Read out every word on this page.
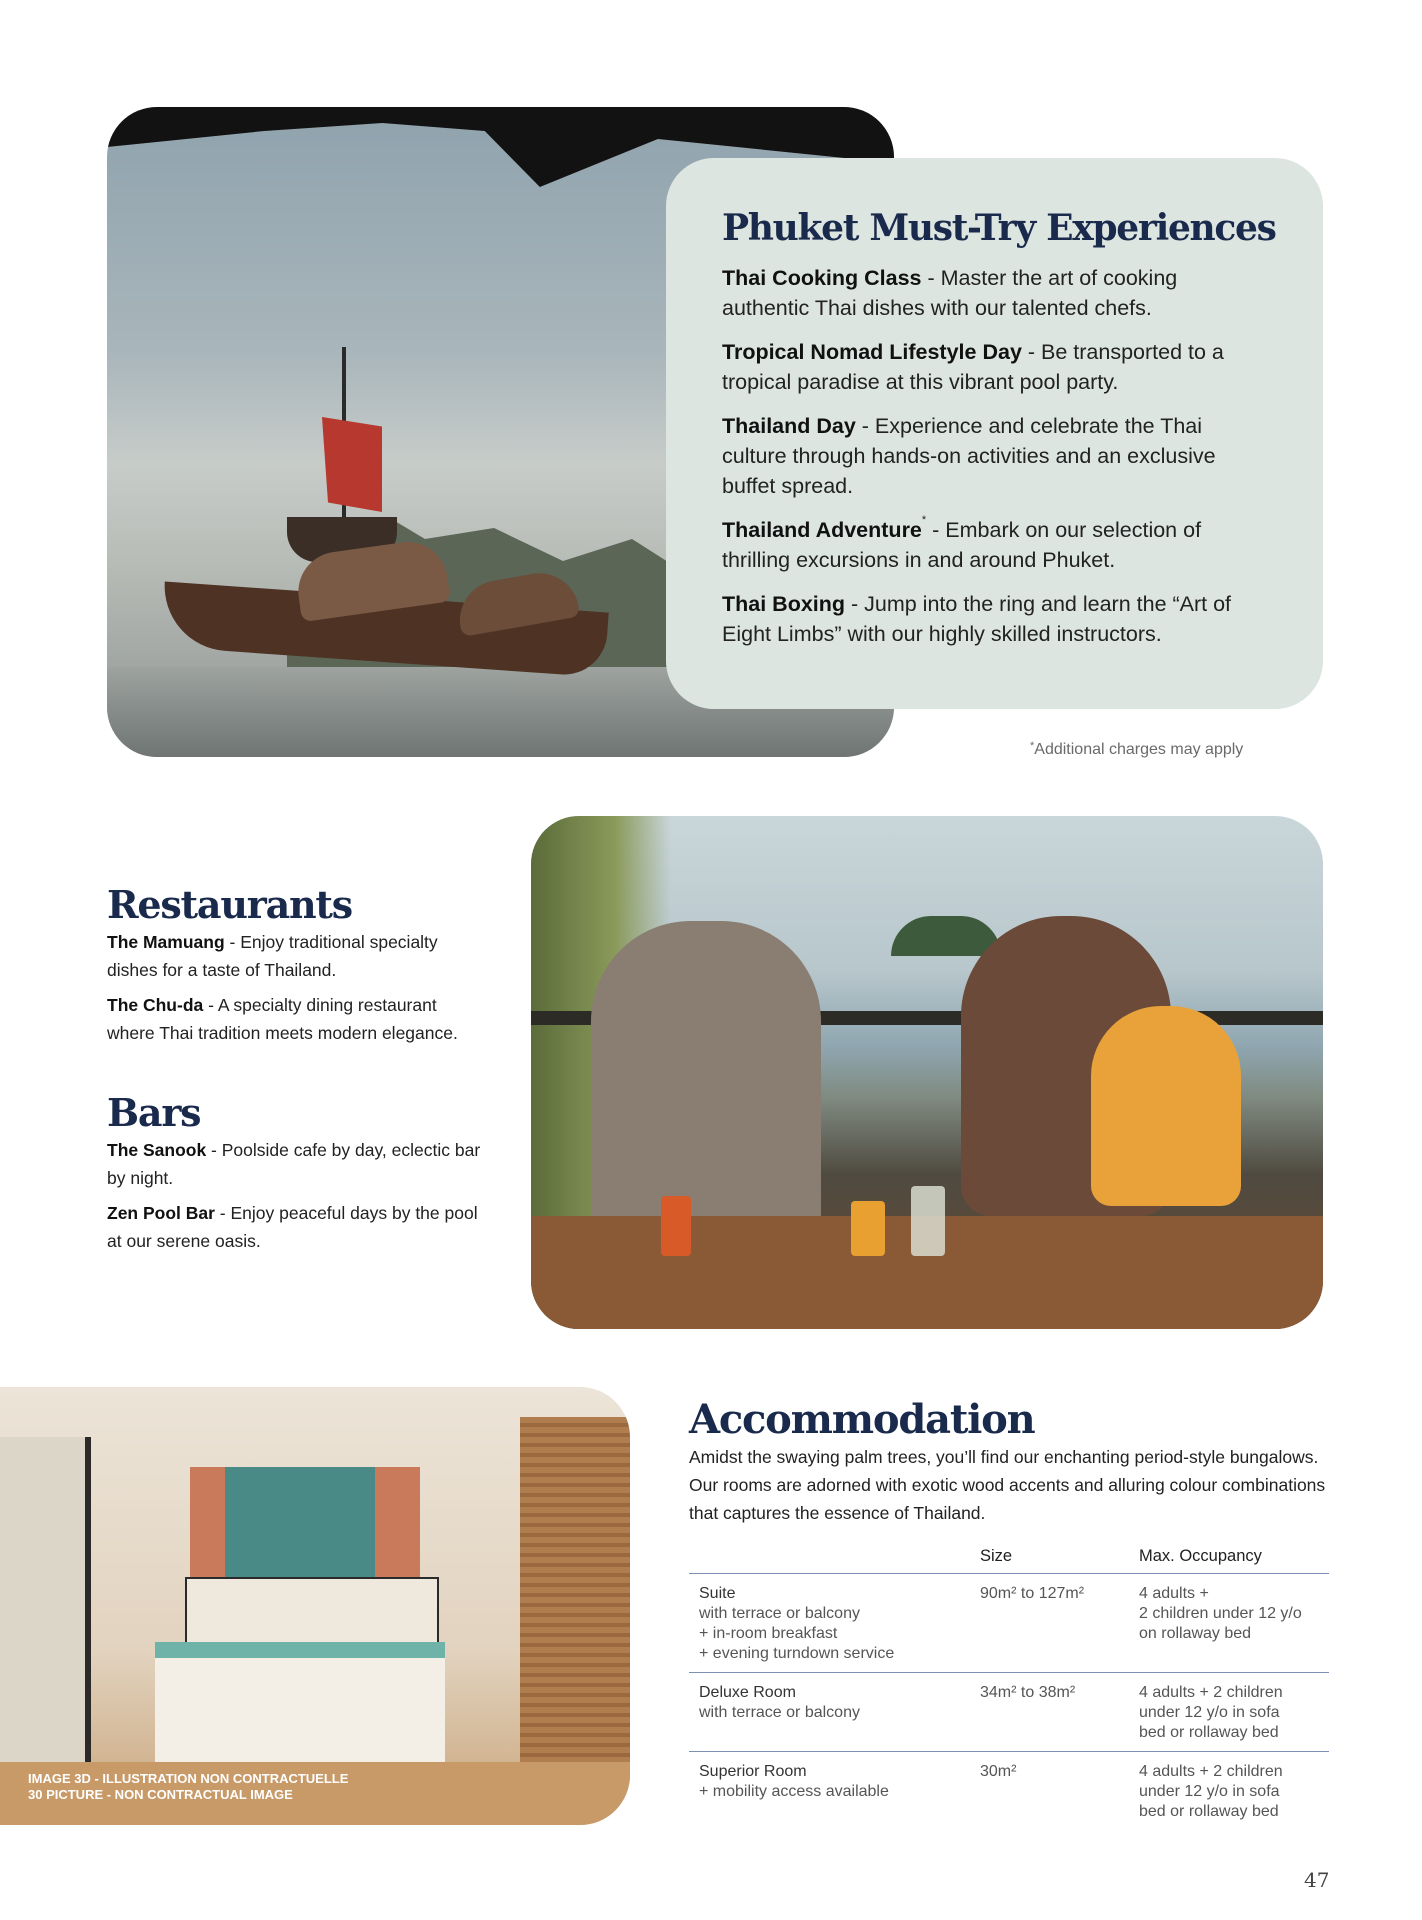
Phuket Must-Try Experiences

Thai Cooking Class - Master the art of cooking authentic Thai dishes with our talented chefs.

Tropical Nomad Lifestyle Day - Be transported to a tropical paradise at this vibrant pool party.

Thailand Day - Experience and celebrate the Thai culture through hands-on activities and an exclusive buffet spread.

Thailand Adventure* - Embark on our selection of thrilling excursions in and around Phuket.

Thai Boxing - Jump into the ring and learn the “Art of Eight Limbs” with our highly skilled instructors.

*Additional charges may apply
Restaurants

The Mamuang - Enjoy traditional specialty dishes for a taste of Thailand.

The Chu-da - A specialty dining restaurant where Thai tradition meets modern elegance.

Bars

The Sanook - Poolside cafe by day, eclectic bar by night.

Zen Pool Bar - Enjoy peaceful days by the pool at our serene oasis.

IMAGE 3D - ILLUSTRATION NON CONTRACTUELLE
30 PICTURE - NON CONTRACTUAL IMAGE
Accommodation

Amidst the swaying palm trees, you’ll find our enchanting period-style bungalows. Our rooms are adorned with exotic wood accents and alluring colour combinations that captures the essence of Thailand.

	Size	Max. Occupancy

Suite
with terrace or balcony
+ in-room breakfast
+ evening turndown service	90m² to 127m²	4 adults +
2 children under 12 y/o
on rollaway bed

Deluxe Room
with terrace or balcony	34m² to 38m²	4 adults + 2 children
under 12 y/o in sofa
bed or rollaway bed

Superior Room
+ mobility access available	30m²	4 adults + 2 children
under 12 y/o in sofa
bed or rollaway bed
47
